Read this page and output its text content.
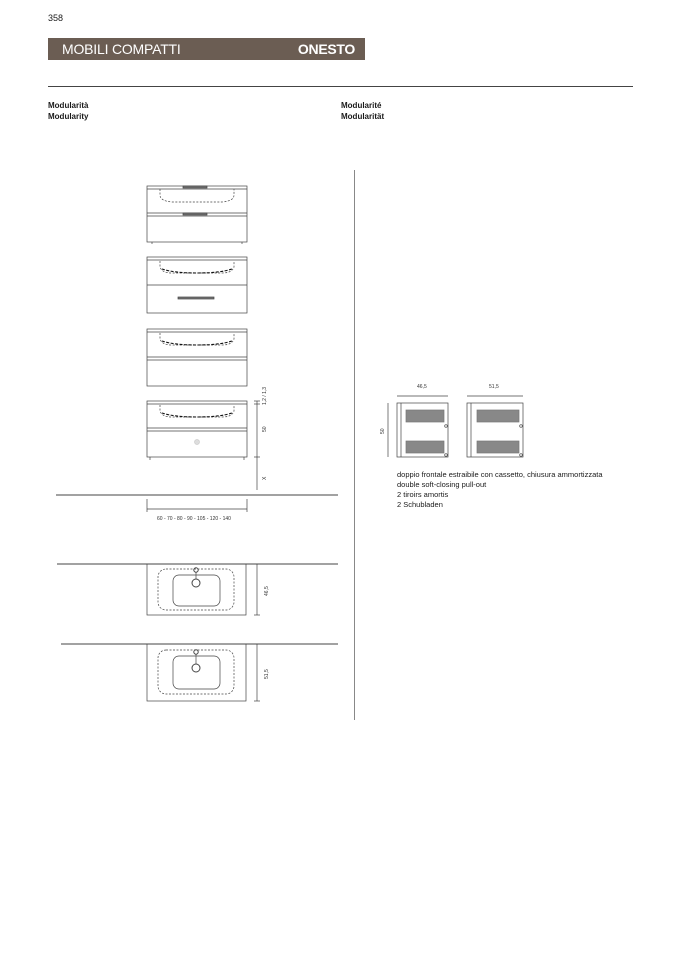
358
MOBILI COMPATTI	ONESTO
Modularità
Modularity
Modularité
Modularität
1,2 / 1,3
50
X
60 - 70 - 80 - 90 - 105 - 120 - 140
46,5
51,5
46,5	51,5
50
doppio frontale estraibile con cassetto, chiusura ammortizzata
double soft-closing pull-out
2 tiroirs amortis
2 Schubladen
